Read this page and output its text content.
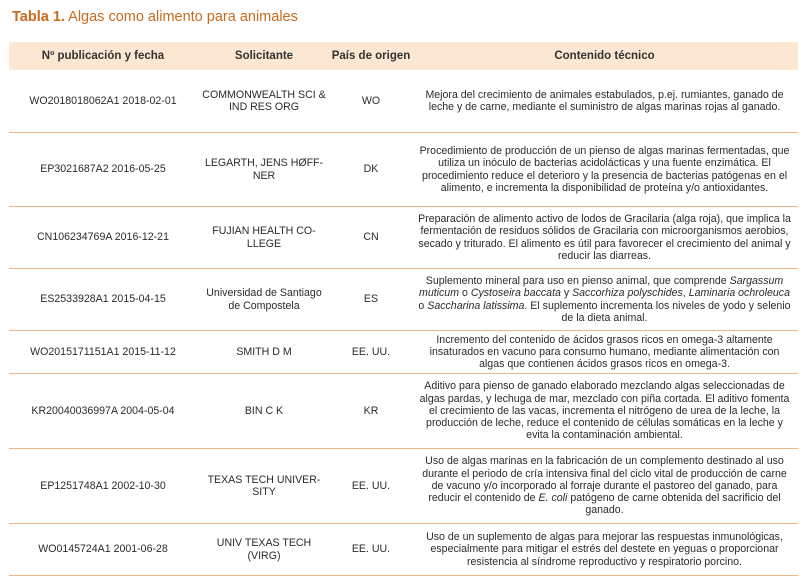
Tabla 1. Algas como alimento para animales
Nº publicación y fecha	Solicitante	País de origen	Contenido técnico
WO2018018062A1 2018-02-01	COMMONWEALTH SCI & IND RES ORG	WO	Mejora del crecimiento de animales estabulados, p.ej. rumiantes, ganado de leche y de carne, mediante el suministro de algas marinas rojas al ganado.
EP3021687A2 2016-05-25	LEGARTH, JENS HØFF-NER	DK	Procedimiento de producción de un pienso de algas marinas fermentadas, que utiliza un inóculo de bacterias acidolácticas y una fuente enzimática. El procedimiento reduce el deterioro y la presencia de bacterias patógenas en el alimento, e incrementa la disponibilidad de proteína y/o antioxidantes.
CN106234769A 2016-12-21	FUJIAN HEALTH CO-LLEGE	CN	Preparación de alimento activo de lodos de Gracilaria (alga roja), que implica la fermentación de residuos sólidos de Gracilaria con microorganismos aerobios, secado y triturado. El alimento es útil para favorecer el crecimiento del animal y reducir las diarreas.
ES2533928A1 2015-04-15	Universidad de Santiago de Compostela	ES	Suplemento mineral para uso en pienso animal, que comprende Sargassum muticum o Cystoseira baccata y Saccorhiza polyschides, Laminaria ochroleuca o Saccharina latissima. El suplemento incrementa los niveles de yodo y selenio de la dieta animal.
WO2015171151A1 2015-11-12	SMITH D M	EE. UU.	Incremento del contenido de ácidos grasos ricos en omega-3 altamente insaturados en vacuno para consumo humano, mediante alimentación con algas que contienen ácidos grasos ricos en omega-3.
KR20040036997A 2004-05-04	BIN C K	KR	Aditivo para pienso de ganado elaborado mezclando algas seleccionadas de algas pardas, y lechuga de mar, mezclado con piña cortada. El aditivo fomenta el crecimiento de las vacas, incrementa el nitrógeno de urea de la leche, la producción de leche, reduce el contenido de células somáticas en la leche y evita la contaminación ambiental.
EP1251748A1 2002-10-30	TEXAS TECH UNIVER-SITY	EE. UU.	Uso de algas marinas en la fabricación de un complemento destinado al uso durante el periodo de cría intensiva final del ciclo vital de producción de carne de vacuno y/o incorporado al forraje durante el pastoreo del ganado, para reducir el contenido de E. coli patógeno de carne obtenida del sacrificio del ganado.
WO0145724A1 2001-06-28	UNIV TEXAS TECH (VIRG)	EE. UU.	Uso de un suplemento de algas para mejorar las respuestas inmunológicas, especialmente para mitigar el estrés del destete en yeguas o proporcionar resistencia al síndrome reproductivo y respiratorio porcino.
